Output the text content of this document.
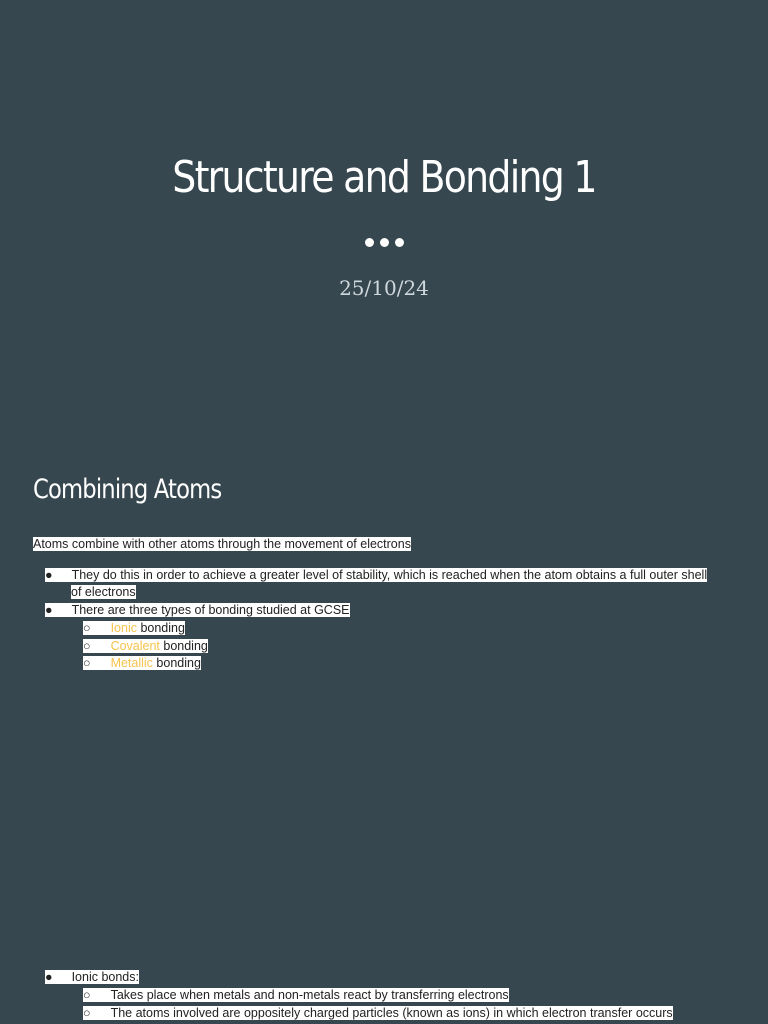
Structure and Bonding 1
25/10/24
Combining Atoms
Atoms combine with other atoms through the movement of electrons
● They do this in order to achieve a greater level of stability, which is reached when the atom obtains a full outer shell
of electrons
● There are three types of bonding studied at GCSE
○ Ionic bonding
○ Covalent bonding
○ Metallic bonding
● Ionic bonds:
○ Takes place when metals and non-metals react by transferring electrons
○ The atoms involved are oppositely charged particles (known as ions) in which electron transfer occurs
